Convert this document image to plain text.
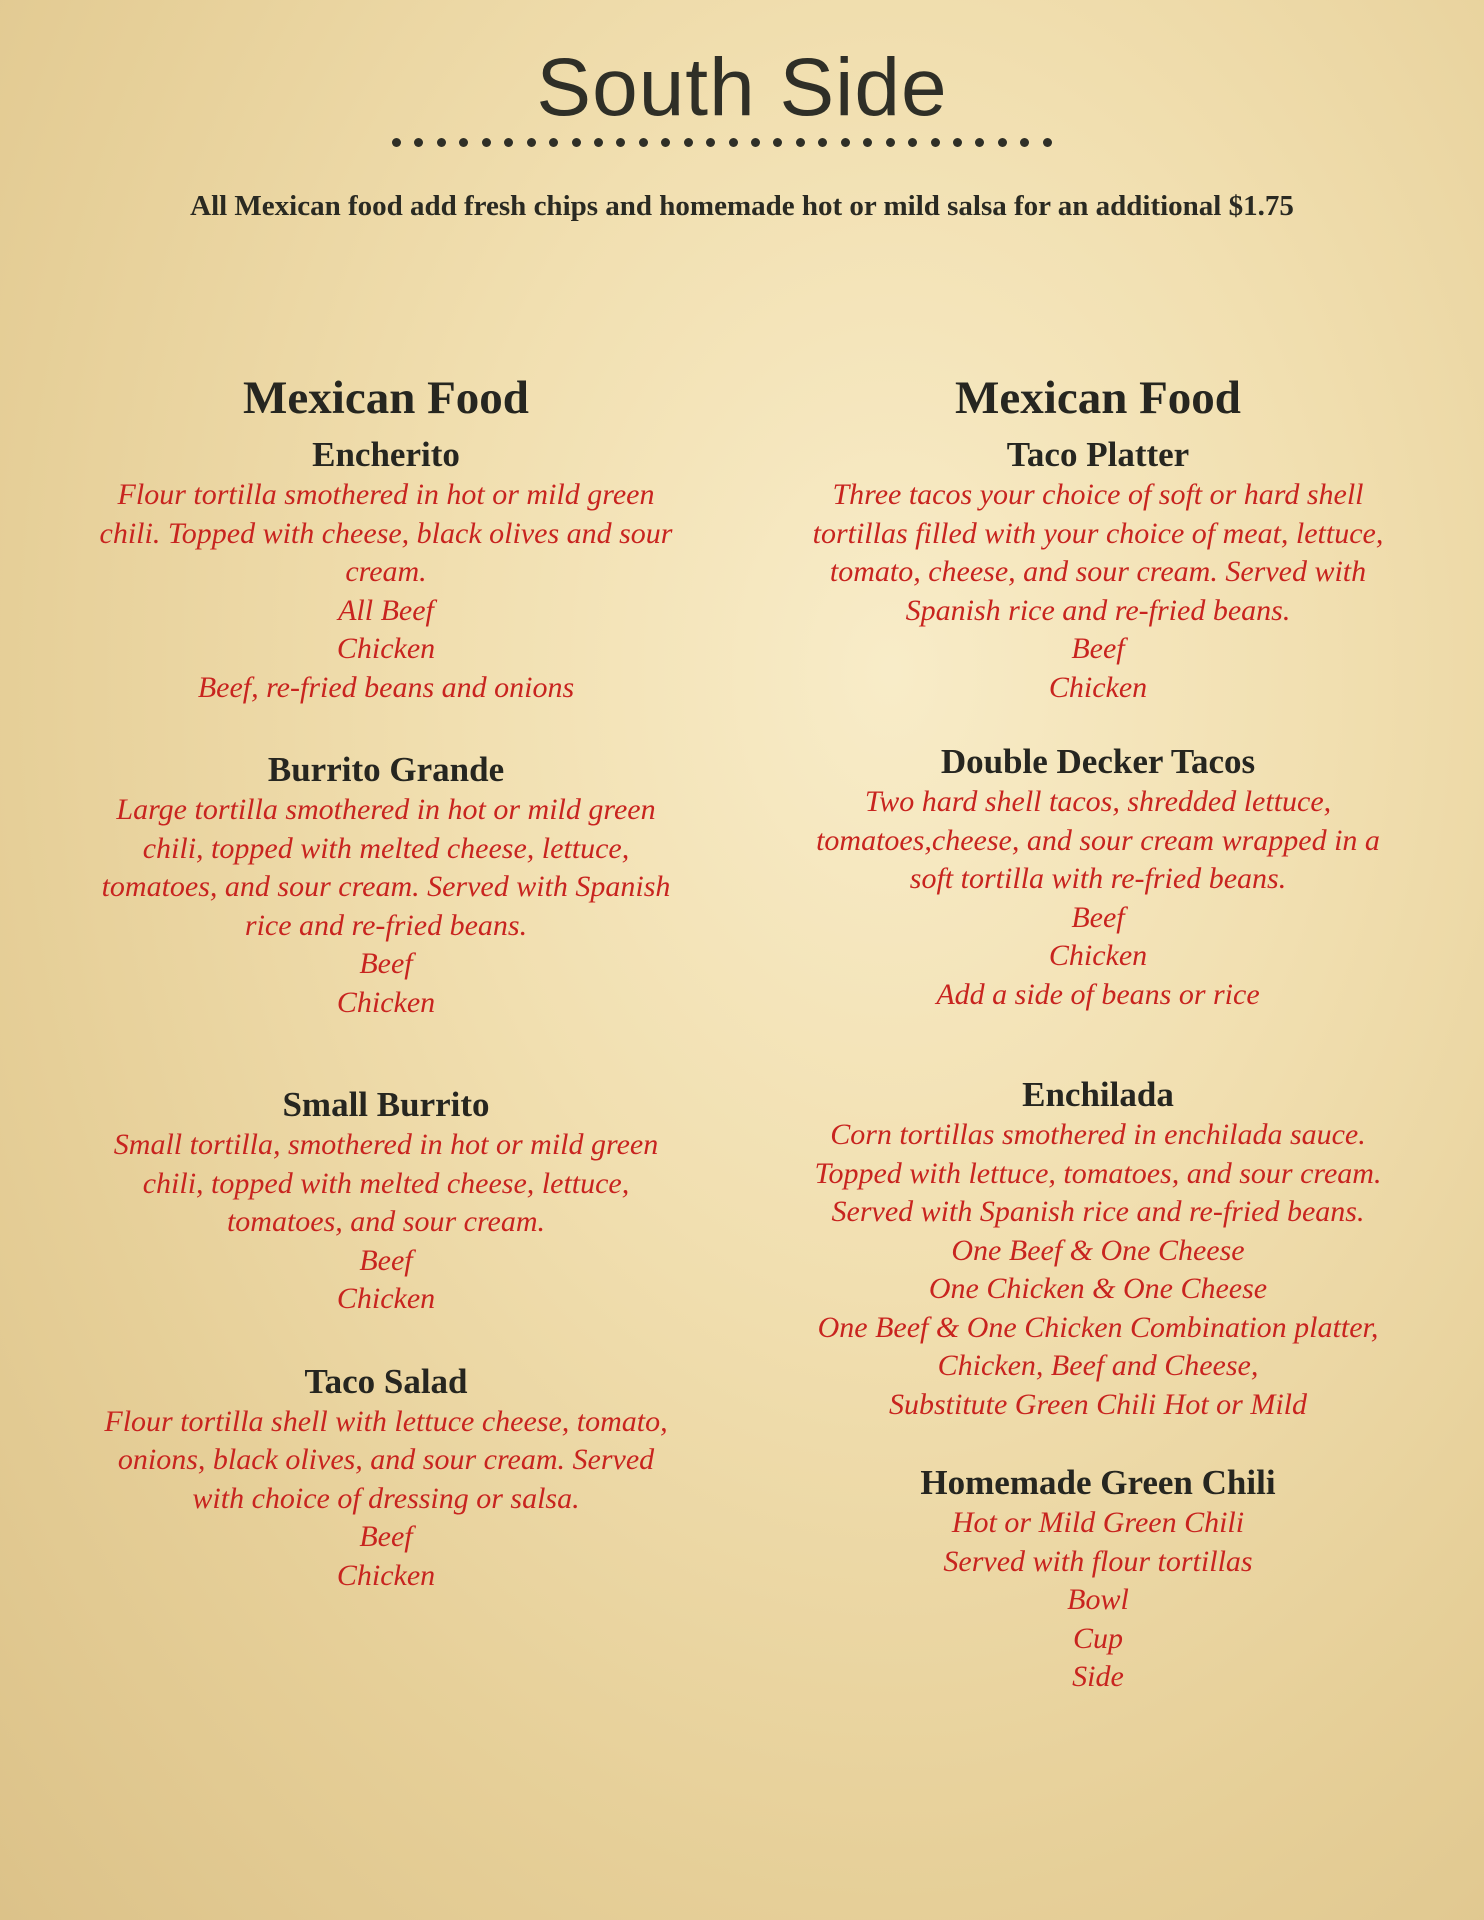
South Side
All Mexican food add fresh chips and homemade hot or mild salsa for an additional $1.75
Mexican Food
Encherito
Flour tortilla smothered in hot or mild green
chili. Topped with cheese, black olives and sour
cream.
All Beef
Chicken
Beef, re-fried beans and onions
Burrito Grande
Large tortilla smothered in hot or mild green
chili, topped with melted cheese, lettuce,
tomatoes, and sour cream. Served with Spanish
rice and re-fried beans.
Beef
Chicken
Small Burrito
Small tortilla, smothered in hot or mild green
chili, topped with melted cheese, lettuce,
tomatoes, and sour cream.
Beef
Chicken
Taco Salad
Flour tortilla shell with lettuce cheese, tomato,
onions, black olives, and sour cream. Served
with choice of dressing or salsa.
Beef
Chicken
Mexican Food
Taco Platter
Three tacos your choice of soft or hard shell
tortillas filled with your choice of meat, lettuce,
tomato, cheese, and sour cream. Served with
Spanish rice and re-fried beans.
Beef
Chicken
Double Decker Tacos
Two hard shell tacos, shredded lettuce,
tomatoes,cheese, and sour cream wrapped in a
soft tortilla with re-fried beans.
Beef
Chicken
Add a side of beans or rice
Enchilada
Corn tortillas smothered in enchilada sauce.
Topped with lettuce, tomatoes, and sour cream.
Served with Spanish rice and re-fried beans.
One Beef & One Cheese
One Chicken & One Cheese
One Beef & One Chicken Combination platter,
Chicken, Beef and Cheese,
Substitute Green Chili Hot or Mild
Homemade Green Chili
Hot or Mild Green Chili
Served with flour tortillas
Bowl
Cup
Side
